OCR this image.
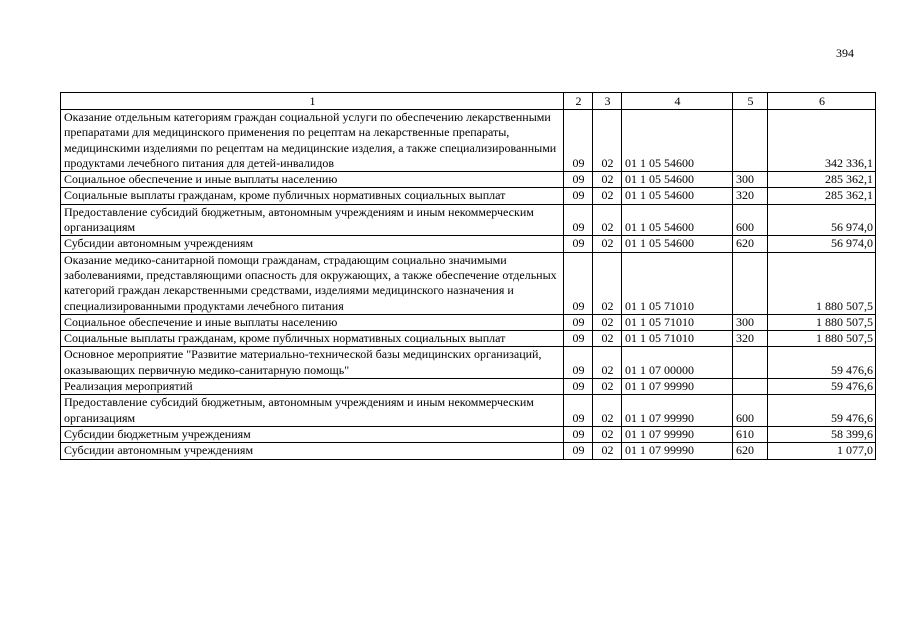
394
1	2	3	4	5	6
Оказание отдельным категориям граждан социальной услуги по обеспечению лекарственными препаратами для медицинского применения по рецептам на лекарственные препараты, медицинскими изделиями по рецептам на медицинские изделия, а также специализированными продуктами лечебного питания для детей-инвалидов	09	02	01 1 05 54600		342 336,1
Социальное обеспечение и иные выплаты населению	09	02	01 1 05 54600	300	285 362,1
Социальные выплаты гражданам, кроме публичных нормативных социальных выплат	09	02	01 1 05 54600	320	285 362,1
Предоставление субсидий бюджетным, автономным учреждениям и иным некоммерческим организациям	09	02	01 1 05 54600	600	56 974,0
Субсидии автономным учреждениям	09	02	01 1 05 54600	620	56 974,0
Оказание медико-санитарной помощи гражданам, страдающим социально значимыми заболеваниями, представляющими опасность для окружающих, а также обеспечение отдельных категорий граждан лекарственными средствами, изделиями медицинского назначения и специализированными продуктами лечебного питания	09	02	01 1 05 71010		1 880 507,5
Социальное обеспечение и иные выплаты населению	09	02	01 1 05 71010	300	1 880 507,5
Социальные выплаты гражданам, кроме публичных нормативных социальных выплат	09	02	01 1 05 71010	320	1 880 507,5
Основное мероприятие "Развитие материально-технической базы медицинских организаций, оказывающих первичную медико-санитарную помощь"	09	02	01 1 07 00000		59 476,6
Реализация мероприятий	09	02	01 1 07 99990		59 476,6
Предоставление субсидий бюджетным, автономным учреждениям и иным некоммерческим организациям	09	02	01 1 07 99990	600	59 476,6
Субсидии бюджетным учреждениям	09	02	01 1 07 99990	610	58 399,6
Субсидии автономным учреждениям	09	02	01 1 07 99990	620	1 077,0
